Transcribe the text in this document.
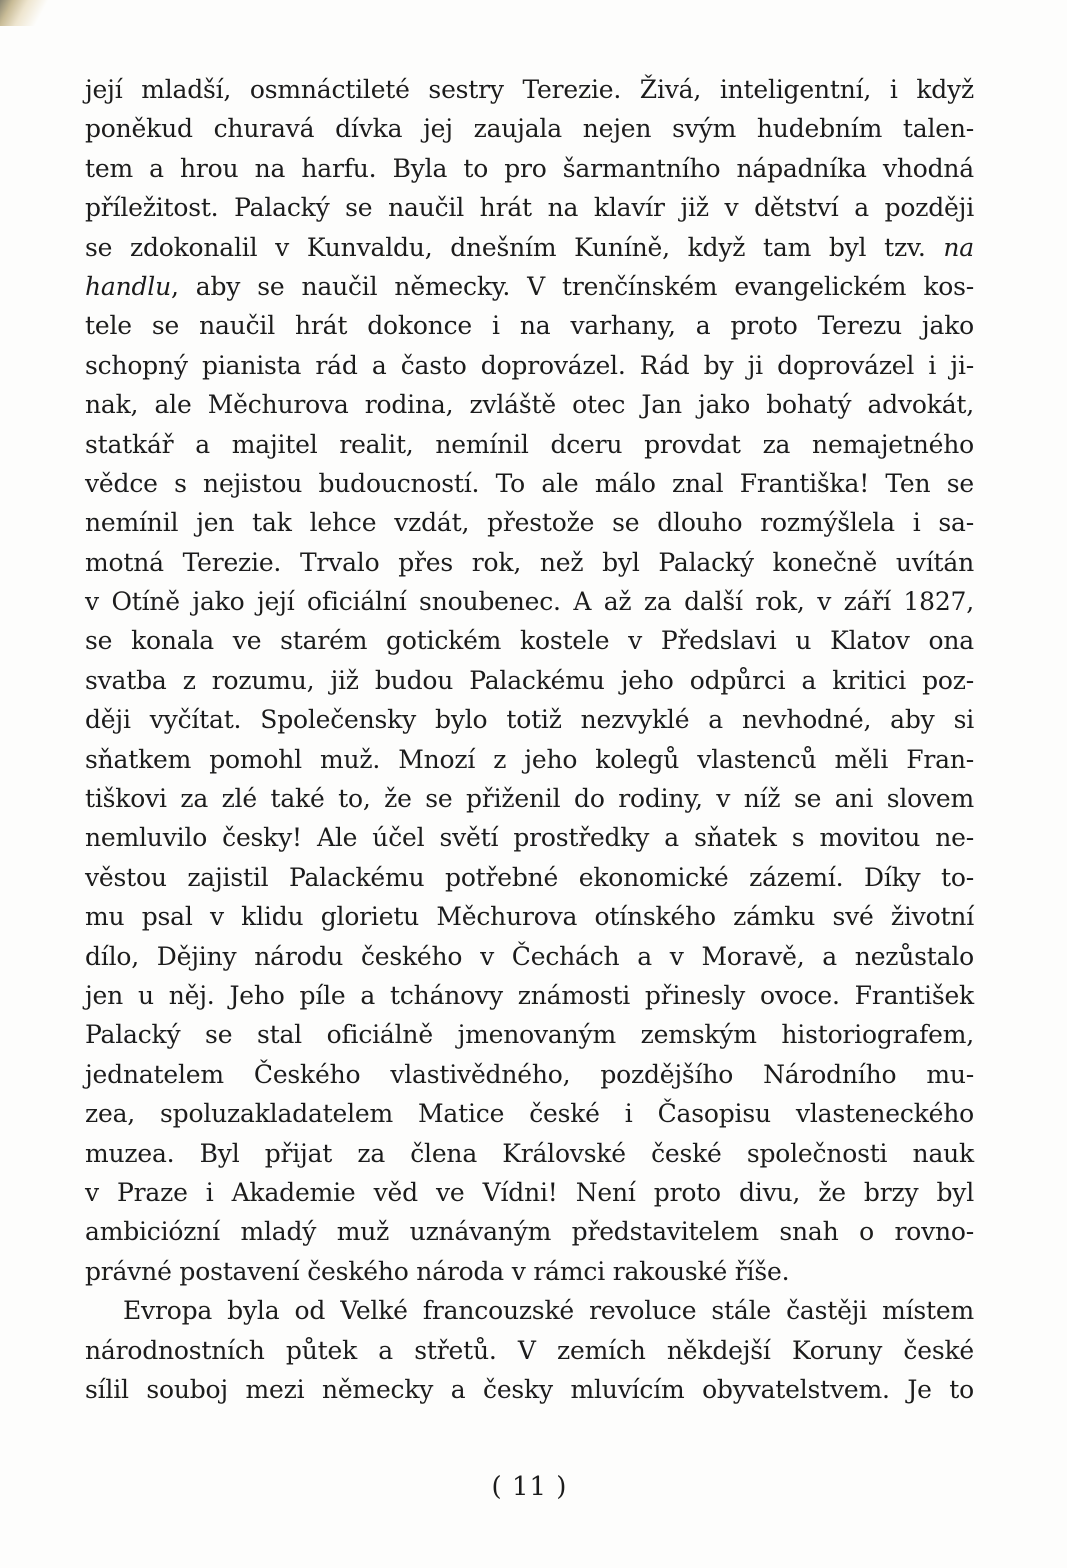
její mladší, osmnáctileté sestry Terezie. Živá, inteligentní, i když
poněkud churavá dívka jej zaujala nejen svým hudebním talen-
tem a hrou na harfu. Byla to pro šarmantního nápadníka vhodná
příležitost. Palacký se naučil hrát na klavír již v dětství a později
se zdokonalil v Kunvaldu, dnešním Kuníně, když tam byl tzv. na
handlu, aby se naučil německy. V trenčínském evangelickém kos-
tele se naučil hrát dokonce i na varhany, a proto Terezu jako
schopný pianista rád a často doprovázel. Rád by ji doprovázel i ji-
nak, ale Měchurova rodina, zvláště otec Jan jako bohatý advokát,
statkář a majitel realit, nemínil dceru provdat za nemajetného
vědce s nejistou budoucností. To ale málo znal Františka! Ten se
nemínil jen tak lehce vzdát, přestože se dlouho rozmýšlela i sa-
motná Terezie. Trvalo přes rok, než byl Palacký konečně uvítán
v Otíně jako její oficiální snoubenec. A až za další rok, v září 1827,
se konala ve starém gotickém kostele v Předslavi u Klatov ona
svatba z rozumu, již budou Palackému jeho odpůrci a kritici poz-
ději vyčítat. Společensky bylo totiž nezvyklé a nevhodné, aby si
sňatkem pomohl muž. Mnozí z jeho kolegů vlastenců měli Fran-
tiškovi za zlé také to, že se přiženil do rodiny, v níž se ani slovem
nemluvilo česky! Ale účel světí prostředky a sňatek s movitou ne-
věstou zajistil Palackému potřebné ekonomické zázemí. Díky to-
mu psal v klidu glorietu Měchurova otínského zámku své životní
dílo, Dějiny národu českého v Čechách a v Moravě, a nezůstalo
jen u něj. Jeho píle a tchánovy známosti přinesly ovoce. František
Palacký se stal oficiálně jmenovaným zemským historiografem,
jednatelem Českého vlastivědného, pozdějšího Národního mu-
zea, spoluzakladatelem Matice české i Časopisu vlasteneckého
muzea. Byl přijat za člena Královské české společnosti nauk
v Praze i Akademie věd ve Vídni! Není proto divu, že brzy byl
ambiciózní mladý muž uznávaným představitelem snah o rovno-
právné postavení českého národa v rámci rakouské říše.
Evropa byla od Velké francouzské revoluce stále častěji místem
národnostních půtek a střetů. V zemích někdejší Koruny české
sílil souboj mezi německy a česky mluvícím obyvatelstvem. Je to
( 11 )
